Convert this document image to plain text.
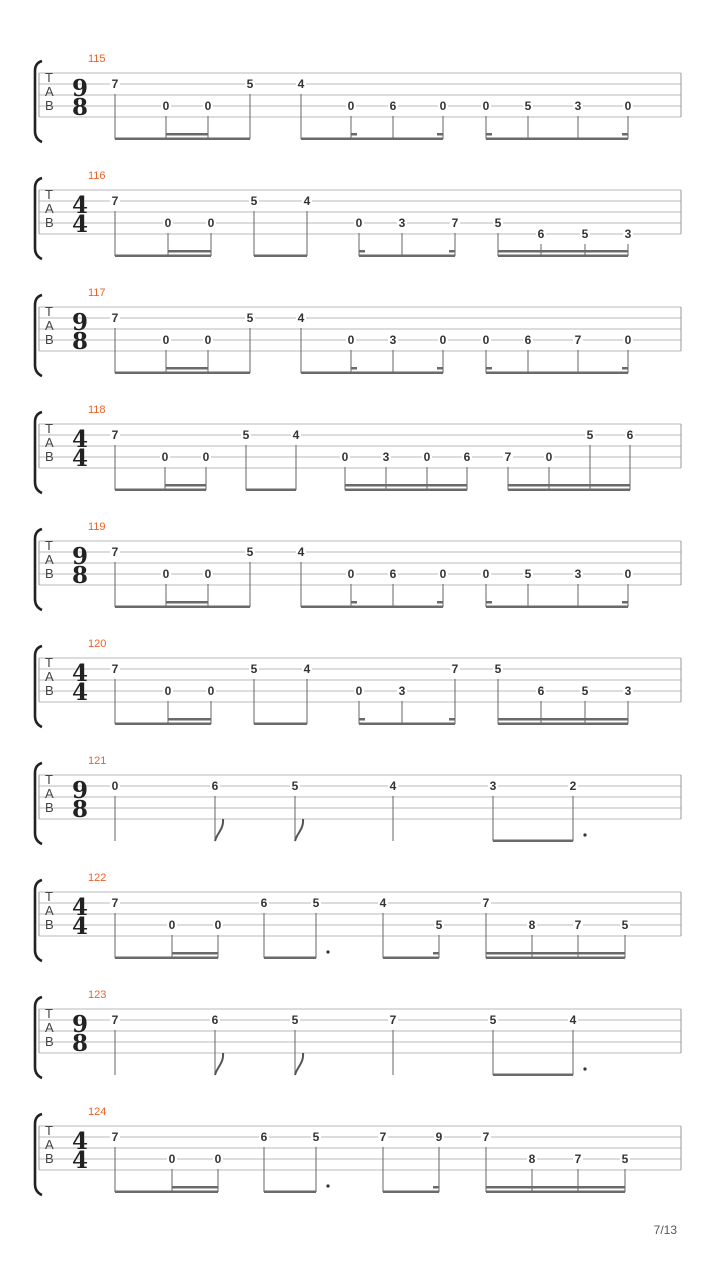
115
T
A
B
9
8
7
0	0
5	4
0	6	0	0	5	3	0
116
T
A
B
4
4
7
0	0
5	4
0	3	7	5
6	5	3
117
T
A
B
9
8
7
0	0
5	4
0	3	0	0	6	7	0
118
T
A
B
4
4
7
0	0
5	4
0	3	0	6	7	0
5	6
119
T
A
B
9
8
7
0	0
5	4
0	6	0	0	5	3	0
120
T
A
B
4
4
7
0	0
5	4
0	3
7	5
6	5	3
121
T
A
B
9
8
0	6	5	4	3	2
122
T
A
B
4
4
7
0	0
6	5	4
5
7
8	7	5
123
T
A
B
9
8
7	6	5	7	5	4
124
T
A
B
4
4
7
0	0
6	5	7	9	7
8	7	5
7/13
